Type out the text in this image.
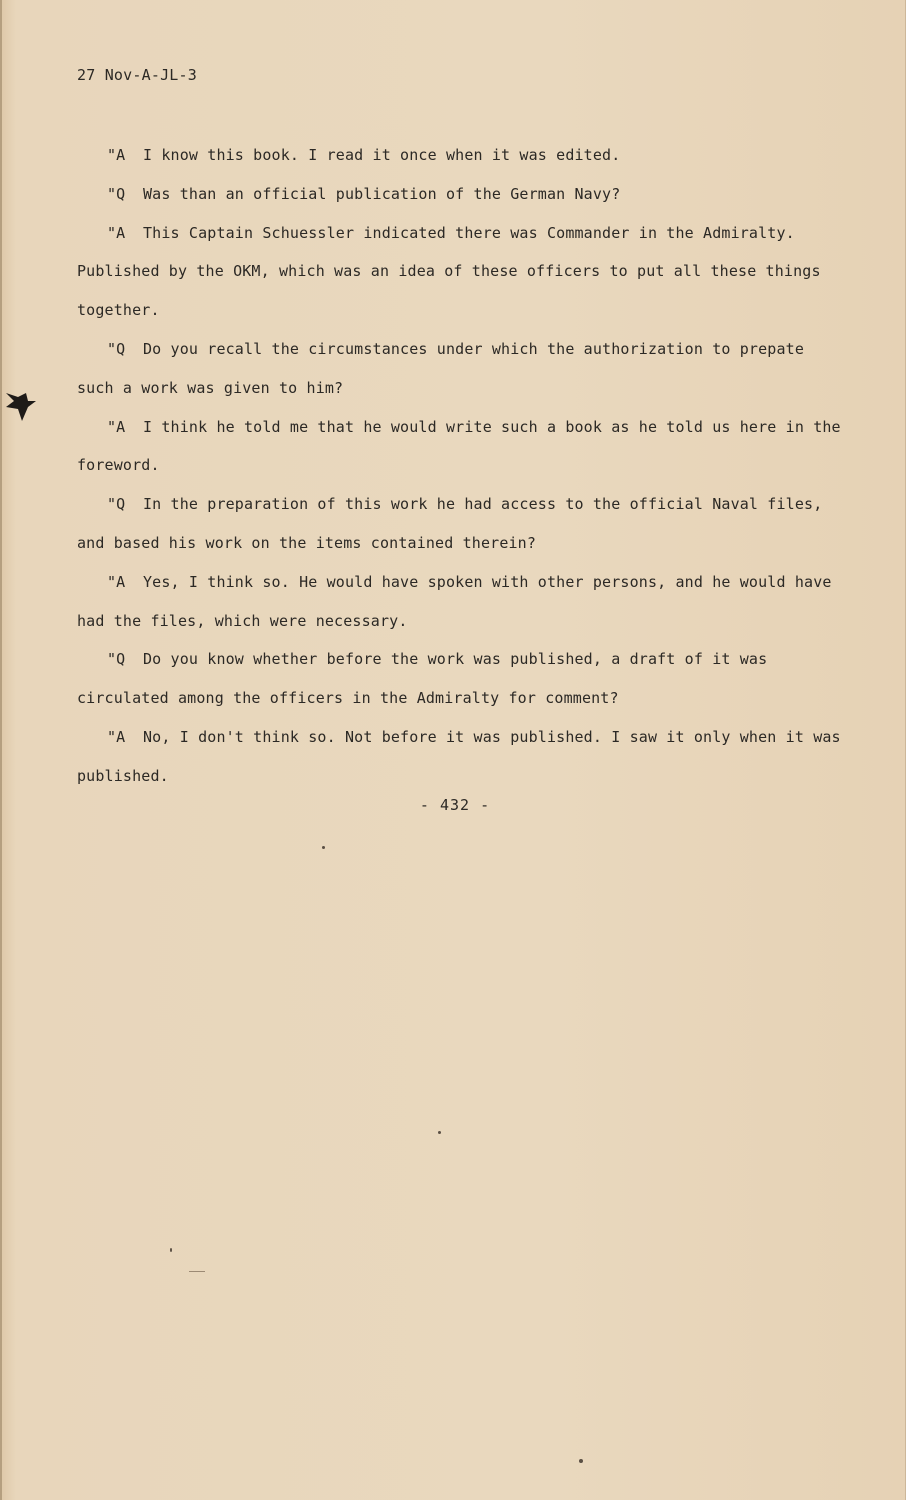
27 Nov-A-JL-3

"A I know this book. I read it once when it was edited.

"Q Was than an official publication of the German Navy?

"A This Captain Schuessler indicated there was Commander in the Admiralty. Published by the OKM, which was an idea of these officers to put all these things together.

"Q Do you recall the circumstances under which the authorization to prepate such a work was given to him?

"A I think he told me that he would write such a book as he told us here in the foreword.

"Q In the preparation of this work he had access to the official Naval files, and based his work on the items contained therein?

"A Yes, I think so. He would have spoken with other persons, and he would have had the files, which were necessary.

"Q Do you know whether before the work was published, a draft of it was circulated among the officers in the Admiralty for comment?

"A No, I don't think so. Not before it was published. I saw it only when it was published.

- 432 -
